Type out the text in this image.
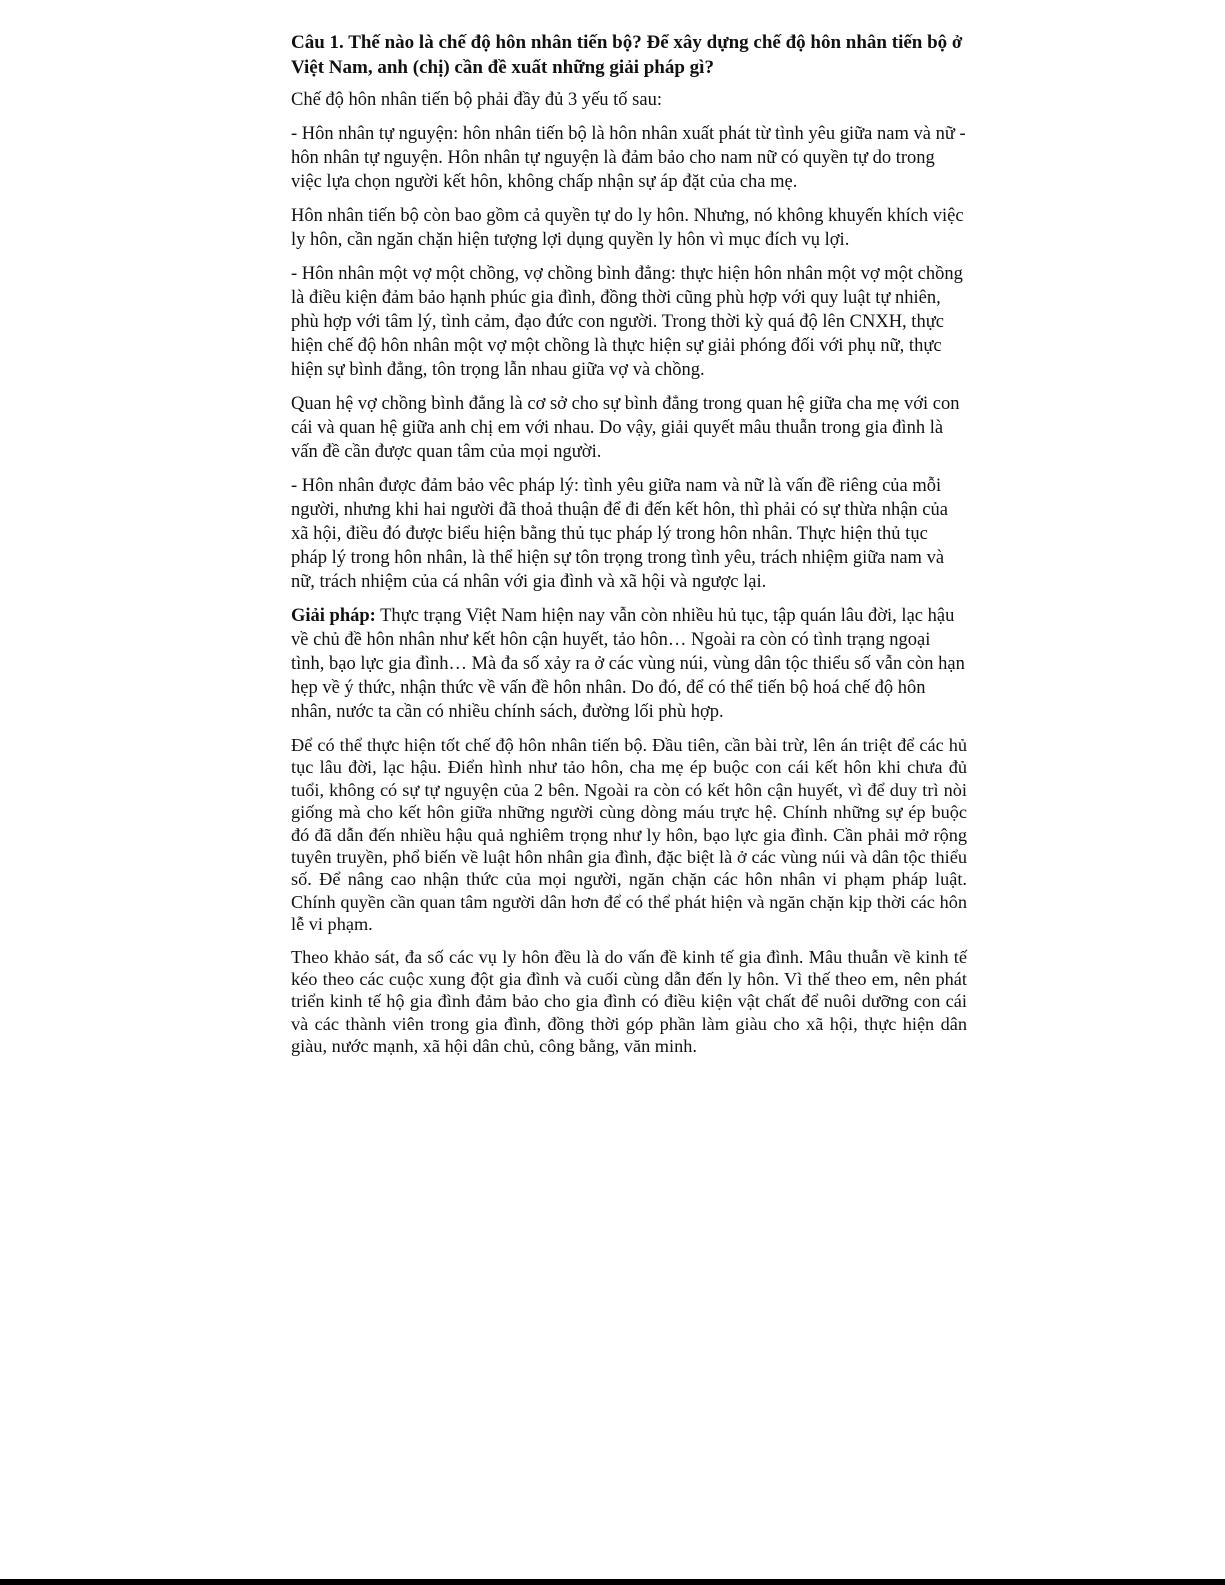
Câu 1. Thế nào là chế độ hôn nhân tiến bộ? Để xây dựng chế độ hôn nhân tiến bộ ở Việt Nam, anh (chị) cần đề xuất những giải pháp gì?
Chế độ hôn nhân tiến bộ phải đầy đủ 3 yếu tố sau:
- Hôn nhân tự nguyện: hôn nhân tiến bộ là hôn nhân xuất phát từ tình yêu giữa nam và nữ - hôn nhân tự nguyện. Hôn nhân tự nguyện là đảm bảo cho nam nữ có quyền tự do trong việc lựa chọn người kết hôn, không chấp nhận sự áp đặt của cha mẹ.
Hôn nhân tiến bộ còn bao gồm cả quyền tự do ly hôn. Nhưng, nó không khuyến khích việc ly hôn, cần ngăn chặn hiện tượng lợi dụng quyền ly hôn vì mục đích vụ lợi.
- Hôn nhân một vợ một chồng, vợ chồng bình đẳng: thực hiện hôn nhân một vợ một chồng là điều kiện đảm bảo hạnh phúc gia đình, đồng thời cũng phù hợp với quy luật tự nhiên, phù hợp với tâm lý, tình cảm, đạo đức con người. Trong thời kỳ quá độ lên CNXH, thực hiện chế độ hôn nhân một vợ một chồng là thực hiện sự giải phóng đối với phụ nữ, thực hiện sự bình đẳng, tôn trọng lẫn nhau giữa vợ và chồng.
Quan hệ vợ chồng bình đẳng là cơ sở cho sự bình đẳng trong quan hệ giữa cha mẹ với con cái và quan hệ giữa anh chị em với nhau. Do vậy, giải quyết mâu thuẫn trong gia đình là vấn đề cần được quan tâm của mọi người.
- Hôn nhân được đảm bảo vêc pháp lý: tình yêu giữa nam và nữ là vấn đề riêng của mỗi người, nhưng khi hai người đã thoả thuận để đi đến kết hôn, thì phải có sự thừa nhận của xã hội, điều đó được biểu hiện bằng thủ tục pháp lý trong hôn nhân. Thực hiện thủ tục pháp lý trong hôn nhân, là thể hiện sự tôn trọng trong tình yêu, trách nhiệm giữa nam và nữ, trách nhiệm của cá nhân với gia đình và xã hội và ngược lại.
Giải pháp: Thực trạng Việt Nam hiện nay vẫn còn nhiều hủ tục, tập quán lâu đời, lạc hậu về chủ đề hôn nhân như kết hôn cận huyết, tảo hôn… Ngoài ra còn có tình trạng ngoại tình, bạo lực gia đình… Mà đa số xảy ra ở các vùng núi, vùng dân tộc thiểu số vẫn còn hạn hẹp về ý thức, nhận thức về vấn đề hôn nhân. Do đó, để có thể tiến bộ hoá chế độ hôn nhân, nước ta cần có nhiều chính sách, đường lối phù hợp.
Để có thể thực hiện tốt chế độ hôn nhân tiến bộ. Đầu tiên, cần bài trừ, lên án triệt để các hủ tục lâu đời, lạc hậu. Điển hình như tảo hôn, cha mẹ ép buộc con cái kết hôn khi chưa đủ tuổi, không có sự tự nguyện của 2 bên. Ngoài ra còn có kết hôn cận huyết, vì để duy trì nòi giống mà cho kết hôn giữa những người cùng dòng máu trực hệ. Chính những sự ép buộc đó đã dẫn đến nhiều hậu quả nghiêm trọng như ly hôn, bạo lực gia đình. Cần phải mở rộng tuyên truyền, phổ biến về luật hôn nhân gia đình, đặc biệt là ở các vùng núi và dân tộc thiểu số. Để nâng cao nhận thức của mọi người, ngăn chặn các hôn nhân vi phạm pháp luật. Chính quyền cần quan tâm người dân hơn để có thể phát hiện và ngăn chặn kịp thời các hôn lễ vi phạm.
Theo khảo sát, đa số các vụ ly hôn đều là do vấn đề kinh tế gia đình. Mâu thuẫn về kinh tế kéo theo các cuộc xung đột gia đình và cuối cùng dẫn đến ly hôn. Vì thế theo em, nên phát triển kinh tế hộ gia đình đảm bảo cho gia đình có điều kiện vật chất để nuôi dưỡng con cái và các thành viên trong gia đình, đồng thời góp phần làm giàu cho xã hội, thực hiện dân giàu, nước mạnh, xã hội dân chủ, công bằng, văn minh.
